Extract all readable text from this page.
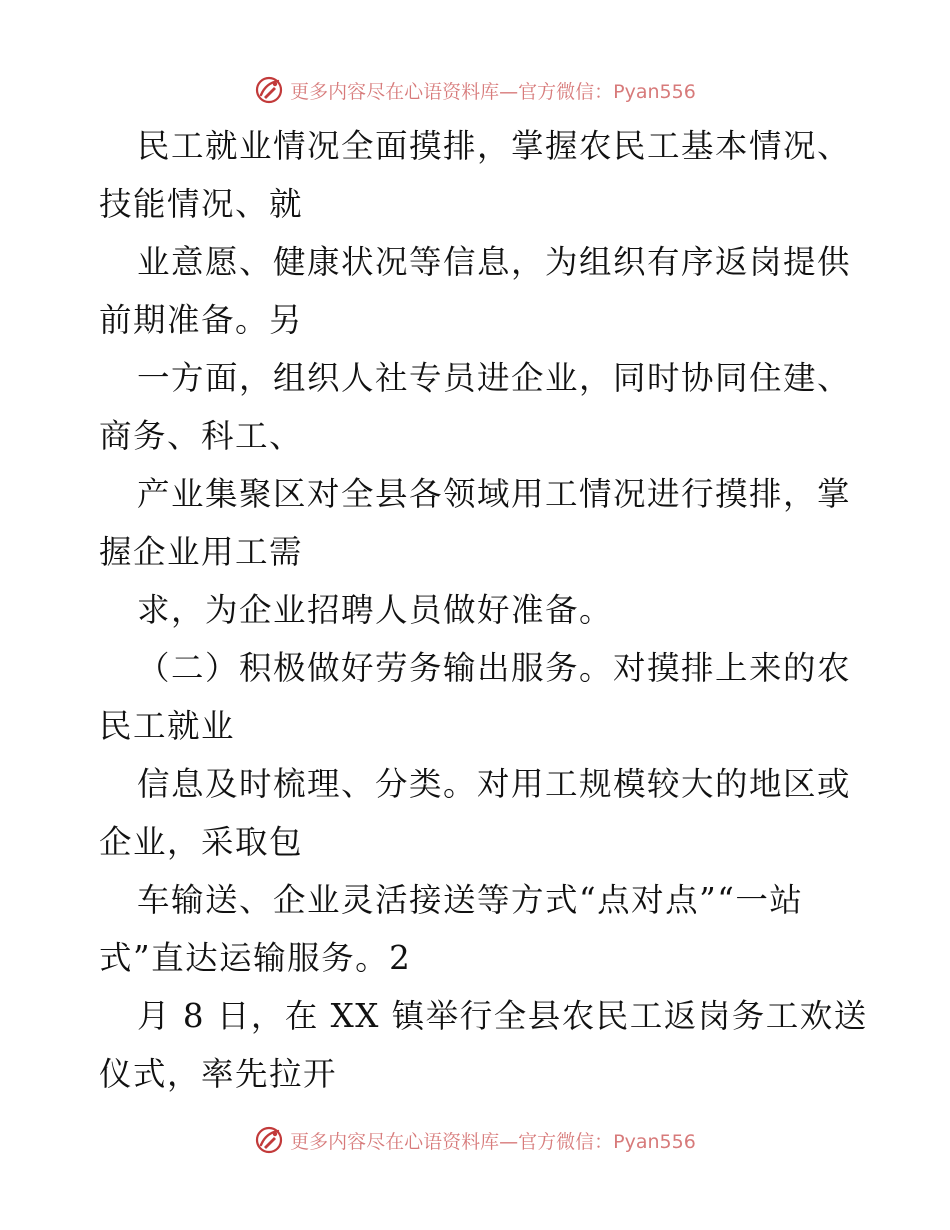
更多内容尽在心语资料库—官方微信：Pyan556
民工就业情况全面摸排，掌握农民工基本情况、
技能情况、就
业意愿、健康状况等信息，为组织有序返岗提供
前期准备。另
一方面，组织人社专员进企业，同时协同住建、
商务、科工、
产业集聚区对全县各领域用工情况进行摸排，掌
握企业用工需
求，为企业招聘人员做好准备。
（二）积极做好劳务输出服务。对摸排上来的农
民工就业
信息及时梳理、分类。对用工规模较大的地区或
企业，采取包
车输送、企业灵活接送等方式“点对点”“一站
式”直达运输服务。2
月 8 日，在 XX 镇举行全县农民工返岗务工欢送
仪式，率先拉开
更多内容尽在心语资料库—官方微信：Pyan556
